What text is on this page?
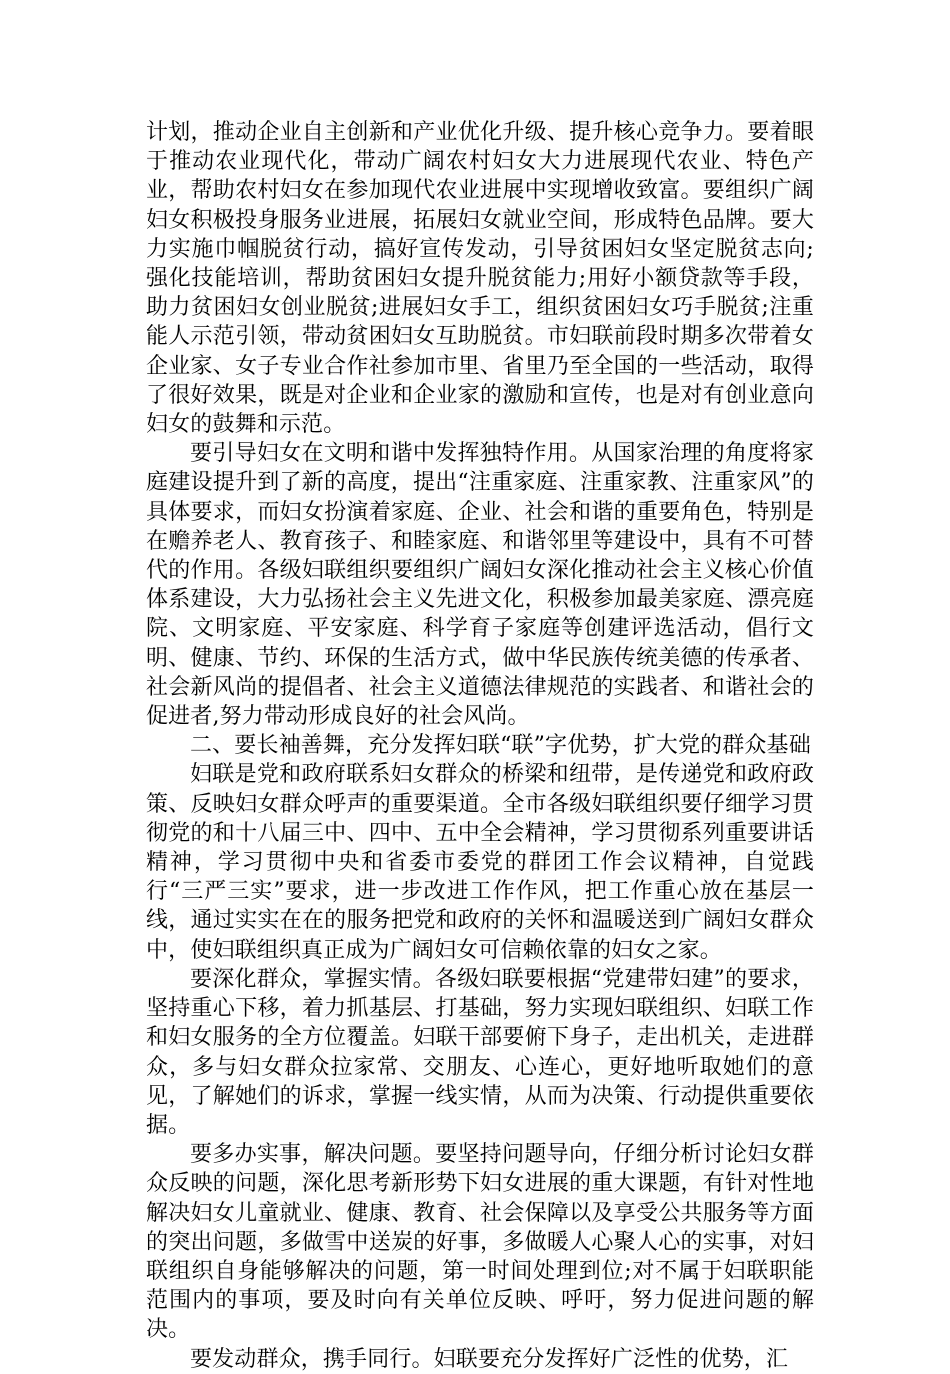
计划，推动企业自主创新和产业优化升级、提升核心竞争力。要着眼于推动农业现代化，带动广阔农村妇女大力进展现代农业、特色产业，帮助农村妇女在参加现代农业进展中实现增收致富。要组织广阔妇女积极投身服务业进展，拓展妇女就业空间，形成特色品牌。要大力实施巾帼脱贫行动，搞好宣传发动，引导贫困妇女坚定脱贫志向;强化技能培训，帮助贫困妇女提升脱贫能力;用好小额贷款等手段，助力贫困妇女创业脱贫;进展妇女手工，组织贫困妇女巧手脱贫;注重能人示范引领，带动贫困妇女互助脱贫。市妇联前段时期多次带着女企业家、女子专业合作社参加市里、省里乃至全国的一些活动，取得了很好效果，既是对企业和企业家的激励和宣传，也是对有创业意向妇女的鼓舞和示范。

要引导妇女在文明和谐中发挥独特作用。从国家治理的角度将家庭建设提升到了新的高度，提出“注重家庭、注重家教、注重家风”的具体要求，而妇女扮演着家庭、企业、社会和谐的重要角色，特别是在赡养老人、教育孩子、和睦家庭、和谐邻里等建设中，具有不可替代的作用。各级妇联组织要组织广阔妇女深化推动社会主义核心价值体系建设，大力弘扬社会主义先进文化，积极参加最美家庭、漂亮庭院、文明家庭、平安家庭、科学育子家庭等创建评选活动，倡行文明、健康、节约、环保的生活方式，做中华民族传统美德的传承者、社会新风尚的提倡者、社会主义道德法律规范的实践者、和谐社会的促进者,努力带动形成良好的社会风尚。

二、要长袖善舞，充分发挥妇联“联”字优势，扩大党的群众基础

妇联是党和政府联系妇女群众的桥梁和纽带，是传递党和政府政策、反映妇女群众呼声的重要渠道。全市各级妇联组织要仔细学习贯彻党的和十八届三中、四中、五中全会精神，学习贯彻系列重要讲话精神，学习贯彻中央和省委市委党的群团工作会议精神，自觉践行“三严三实”要求，进一步改进工作作风，把工作重心放在基层一线，通过实实在在的服务把党和政府的关怀和温暖送到广阔妇女群众中，使妇联组织真正成为广阔妇女可信赖依靠的妇女之家。

要深化群众，掌握实情。各级妇联要根据“党建带妇建”的要求，坚持重心下移，着力抓基层、打基础，努力实现妇联组织、妇联工作和妇女服务的全方位覆盖。妇联干部要俯下身子，走出机关，走进群众，多与妇女群众拉家常、交朋友、心连心，更好地听取她们的意见，了解她们的诉求，掌握一线实情，从而为决策、行动提供重要依据。

要多办实事，解决问题。要坚持问题导向，仔细分析讨论妇女群众反映的问题，深化思考新形势下妇女进展的重大课题，有针对性地解决妇女儿童就业、健康、教育、社会保障以及享受公共服务等方面的突出问题，多做雪中送炭的好事，多做暖人心聚人心的实事，对妇联组织自身能够解决的问题，第一时间处理到位;对不属于妇联职能范围内的事项，要及时向有关单位反映、呼吁，努力促进问题的解决。

要发动群众，携手同行。妇联要充分发挥好广泛性的优势，汇
